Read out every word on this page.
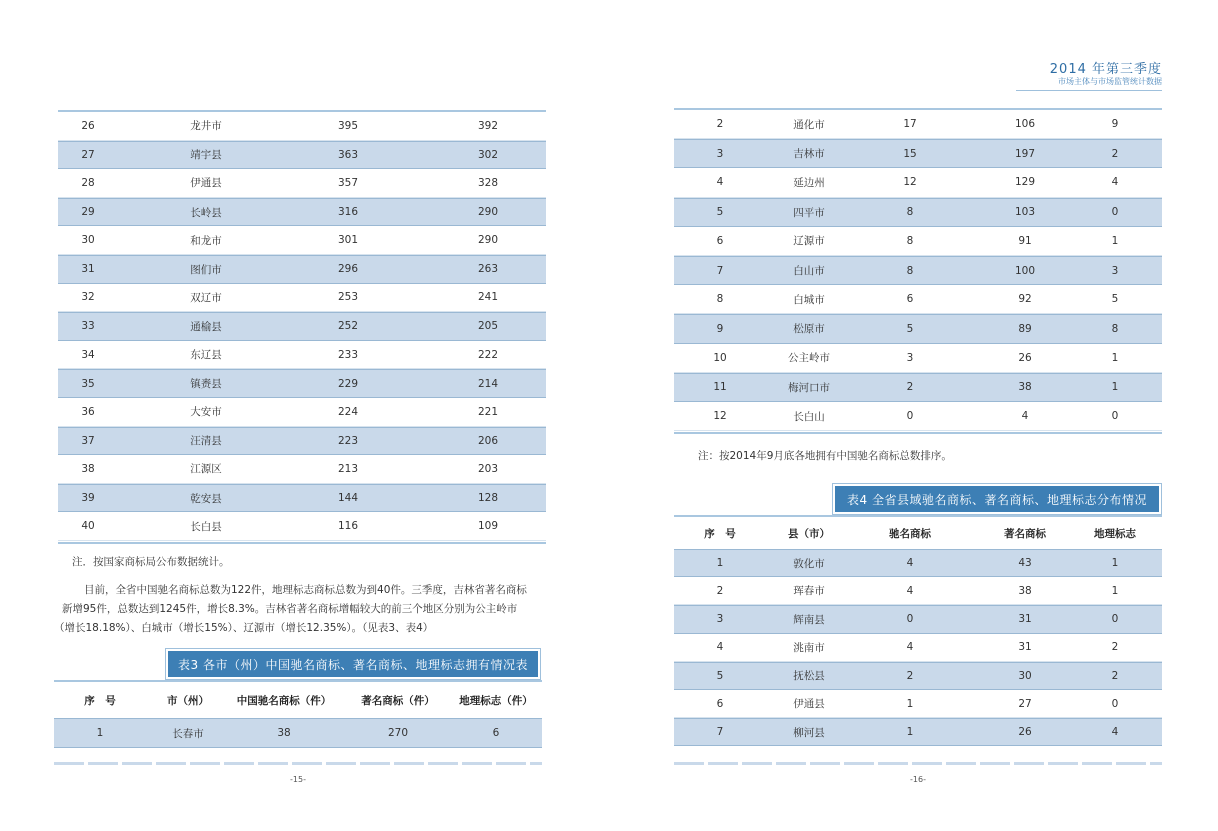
2014 年第三季度
市场主体与市场监管统计数据
26	龙井市	395	392
27	靖宇县	363	302
28	伊通县	357	328
29	长岭县	316	290
30	和龙市	301	290
31	图们市	296	263
32	双辽市	253	241
33	通榆县	252	205
34	东辽县	233	222
35	镇赉县	229	214
36	大安市	224	221
37	汪清县	223	206
38	江源区	213	203
39	乾安县	144	128
40	长白县	116	109
注．按国家商标局公布数据统计。
目前，全省中国驰名商标总数为122件，地理标志商标总数为到40件。三季度，吉林省著名商标
新增95件，总数达到1245件，增长8.3%。吉林省著名商标增幅较大的前三个地区分别为公主岭市
（增长18.18%）、白城市（增长15%）、辽源市（增长12.35%）。（见表3、表4）
表3 各市（州）中国驰名商标、著名商标、地理标志拥有情况表
序　号	市（州）	中国驰名商标（件）	著名商标（件）	地理标志（件）
1	长春市	38	270	6
-15-
2	通化市	17	106	9
3	吉林市	15	197	2
4	延边州	12	129	4
5	四平市	8	103	0
6	辽源市	8	91	1
7	白山市	8	100	3
8	白城市	6	92	5
9	松原市	5	89	8
10	公主岭市	3	26	1
11	梅河口市	2	38	1
12	长白山	0	4	0
注：按2014年9月底各地拥有中国驰名商标总数排序。
表4 全省县域驰名商标、著名商标、地理标志分布情况
序　号	县（市）	驰名商标	著名商标	地理标志
1	敦化市	4	43	1
2	珲春市	4	38	1
3	辉南县	0	31	0
4	洮南市	4	31	2
5	抚松县	2	30	2
6	伊通县	1	27	0
7	柳河县	1	26	4
-16-
